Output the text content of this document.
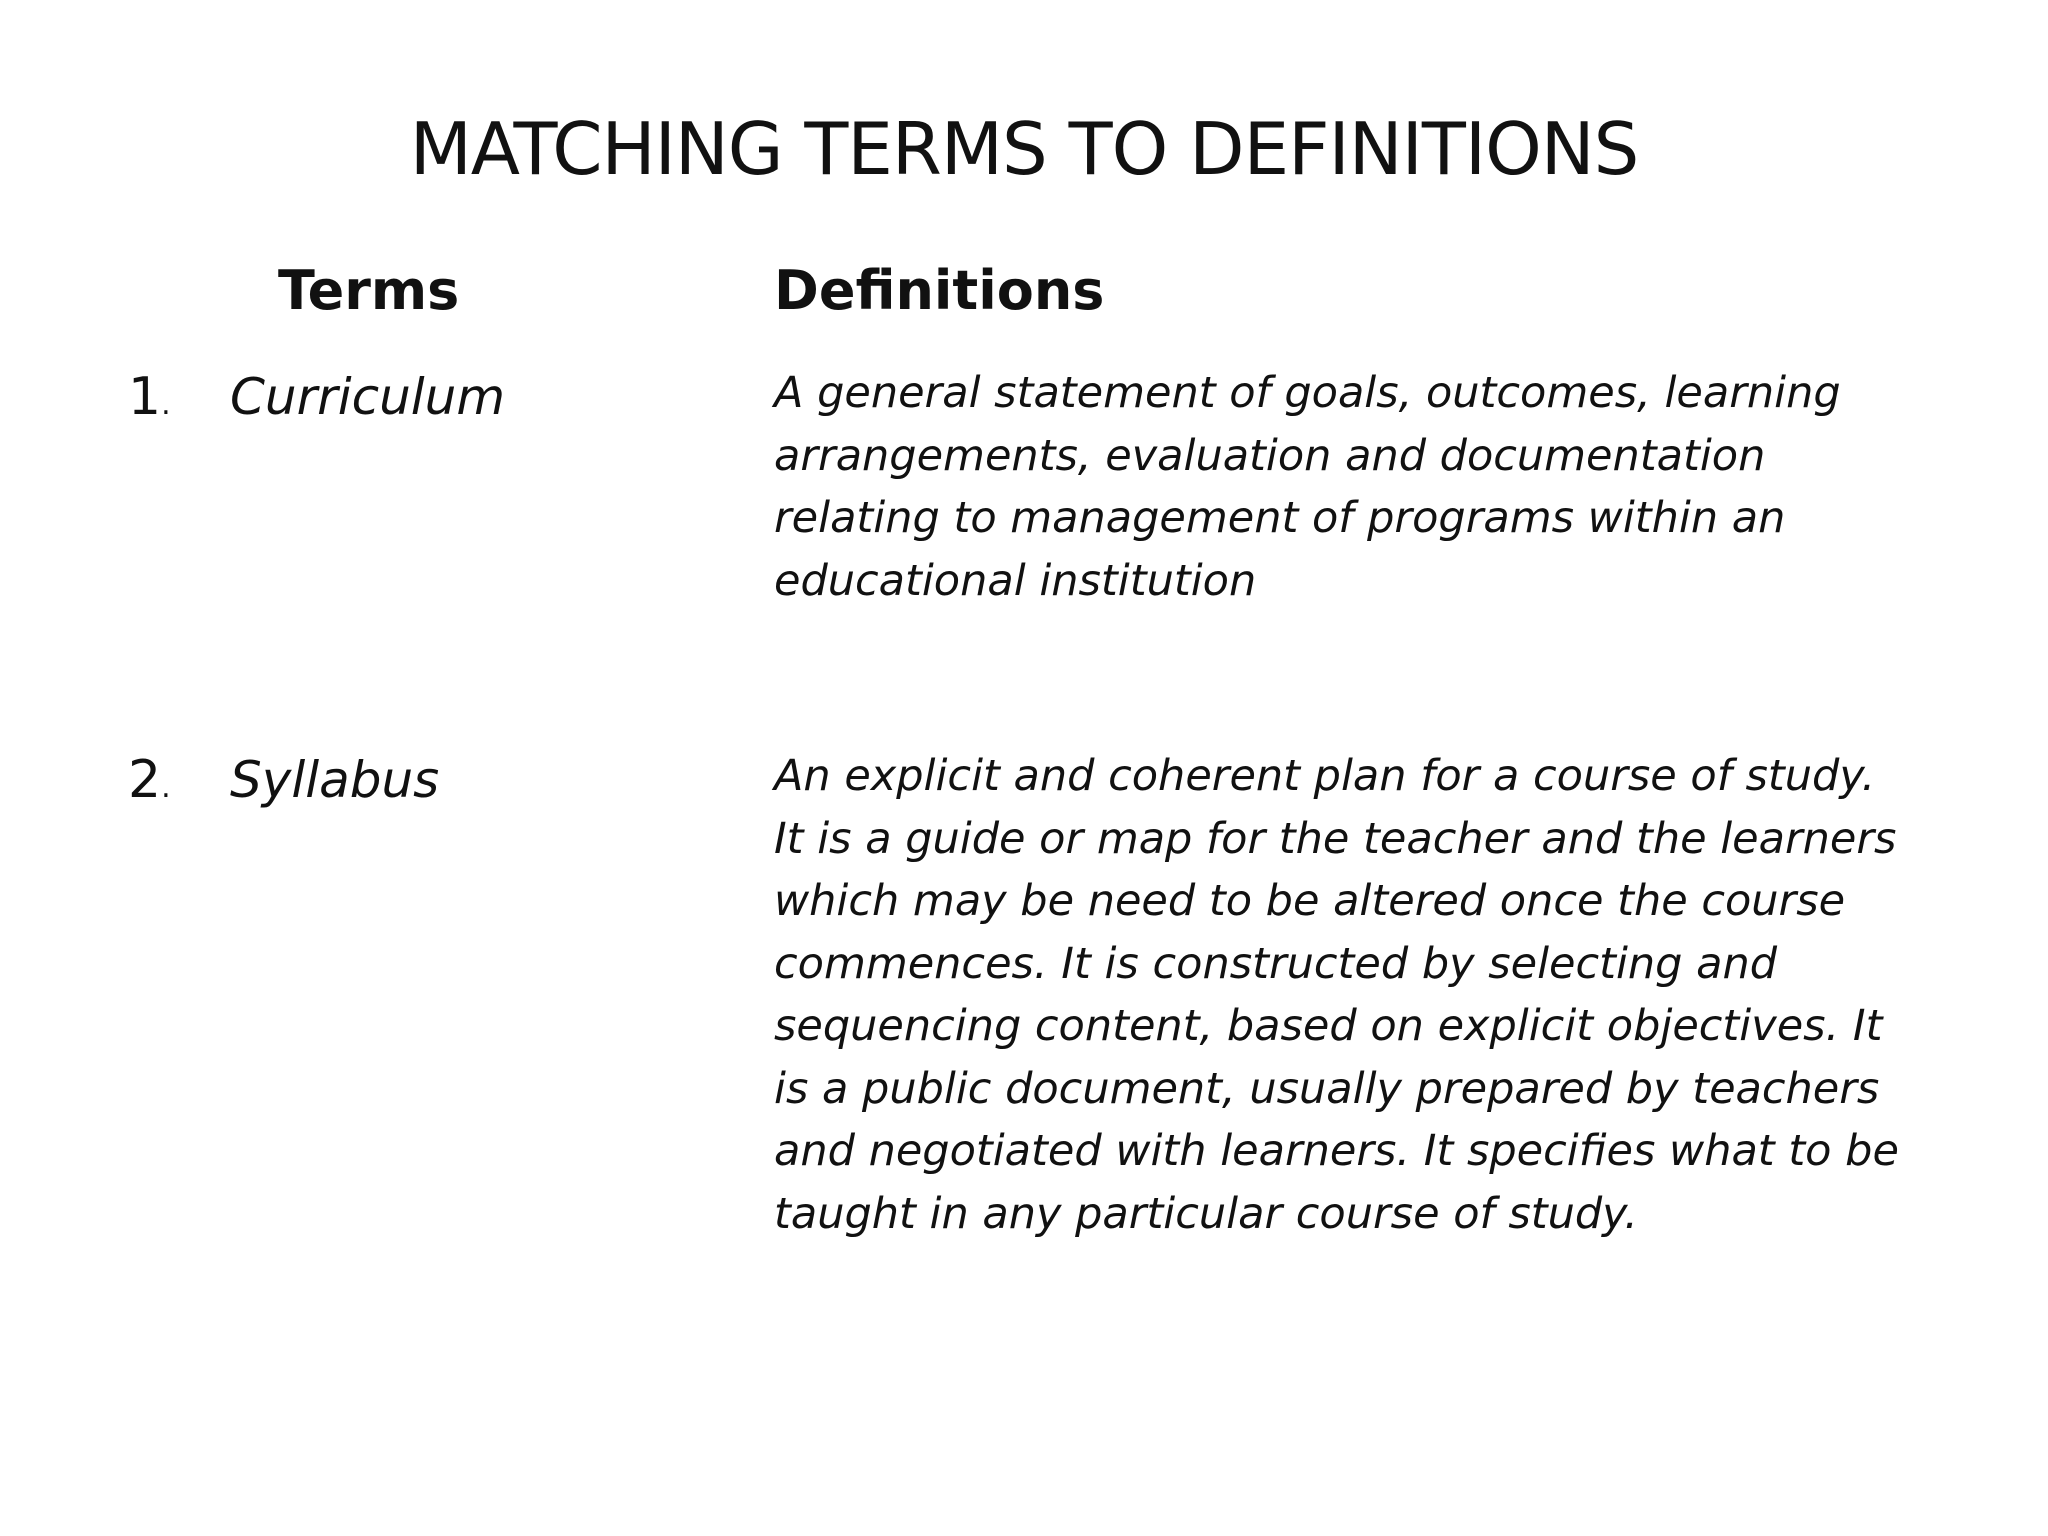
MATCHING TERMS TO DEFINITIONS
Terms	Definitions
1. Curriculum	A general statement of goals, outcomes, learning
arrangements, evaluation and documentation
relating to management of programs within an
educational institution
2. Syllabus	An explicit and coherent plan for a course of study.
It is a guide or map for the teacher and the learners
which may be need to be altered once the course
commences. It is constructed by selecting and
sequencing content, based on explicit objectives. It
is a public document, usually prepared by teachers
and negotiated with learners. It specifies what to be
taught in any particular course of study.
